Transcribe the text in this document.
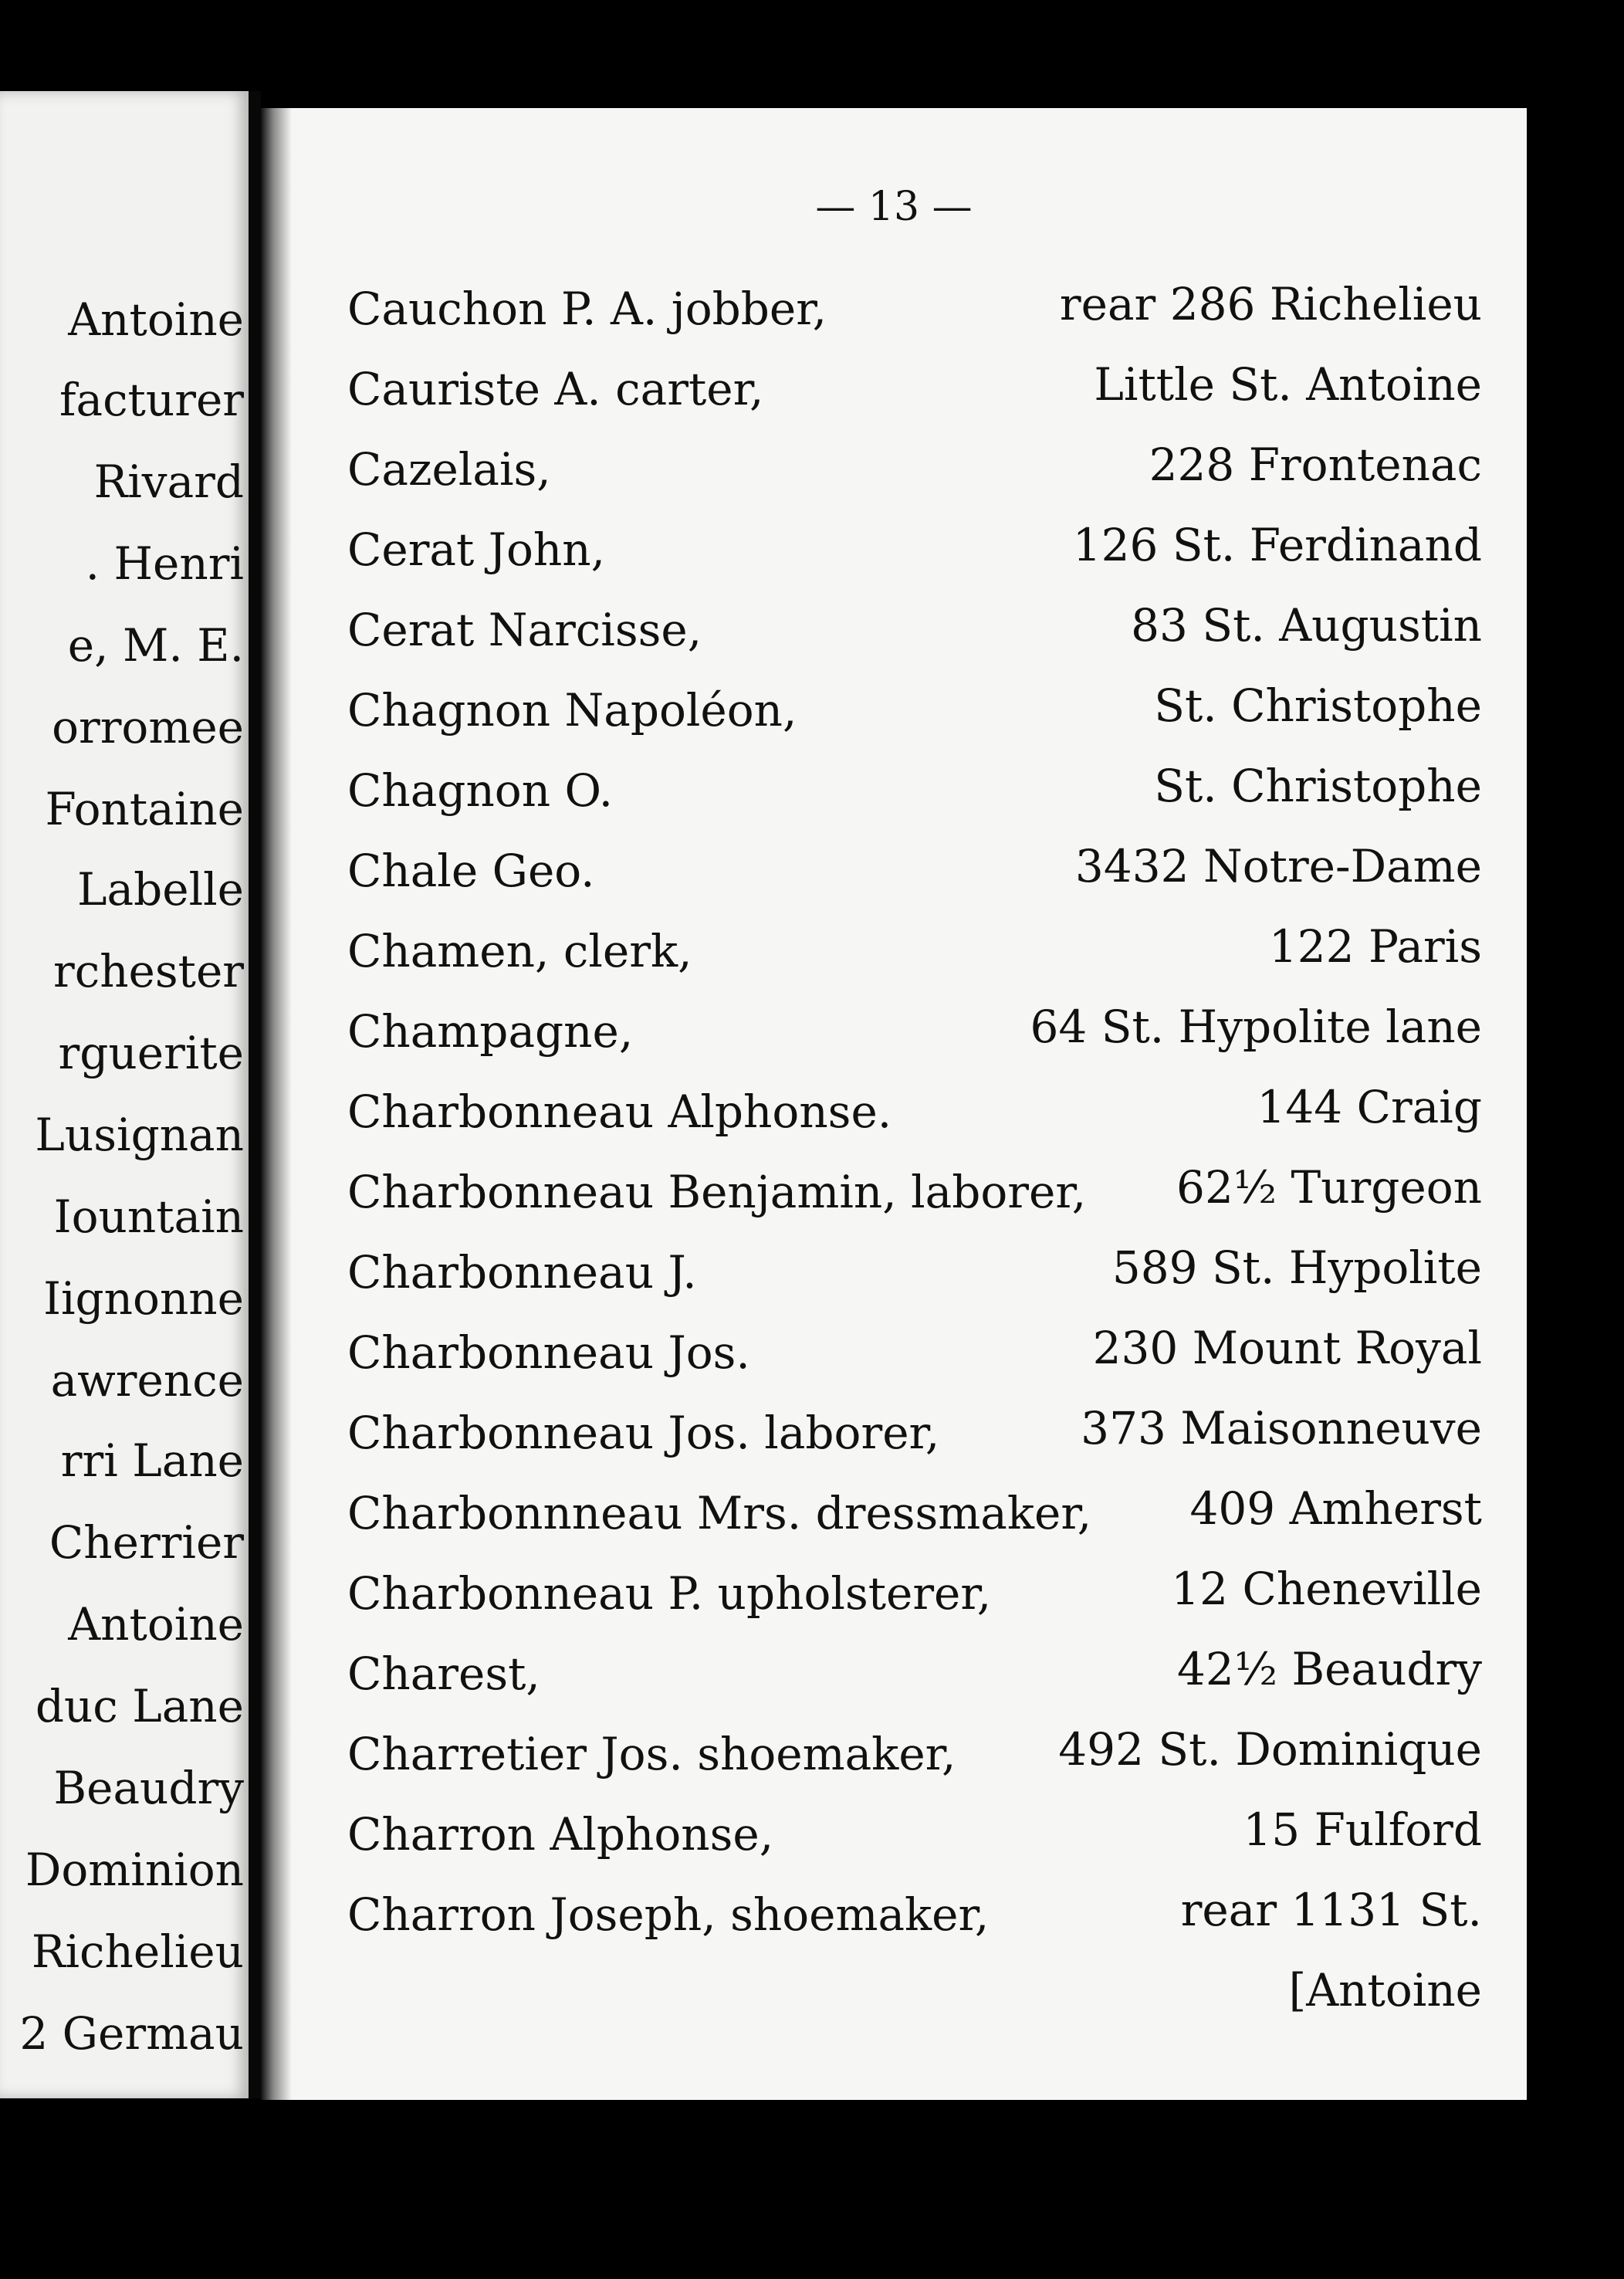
Antoine
facturer
Rivard
. Henri
e, M. E.
orromee
Fontaine
Labelle
rchester
rguerite
Lusignan
Iountain
Iignonne
awrence
rri Lane
Cherrier
Antoine
duc Lane
Beaudry
Dominion
Richelieu
2 Germau
— 13 —
Cauchon P. A. jobber,	rear 286 Richelieu
Cauriste A. carter,	Little St. Antoine
Cazelais,	228 Frontenac
Cerat John,	126 St. Ferdinand
Cerat Narcisse,	83 St. Augustin
Chagnon Napoléon,	St. Christophe
Chagnon O.	St. Christophe
Chale Geo.	3432 Notre-Dame
Chamen, clerk,	122 Paris
Champagne,	64 St. Hypolite lane
Charbonneau Alphonse.	144 Craig
Charbonneau Benjamin, laborer, 62½ Turgeon
Charbonneau J.	589 St. Hypolite
Charbonneau Jos.	230 Mount Royal
Charbonneau Jos. laborer,	373 Maisonneuve
Charbonnneau Mrs. dressmaker, 409 Amherst
Charbonneau P. upholsterer,	12 Cheneville
Charest,	42½ Beaudry
Charretier Jos. shoemaker, 492 St. Dominique
Charron Alphonse,	15 Fulford
Charron Joseph, shoemaker,	rear 1131 St.
[Antoine
